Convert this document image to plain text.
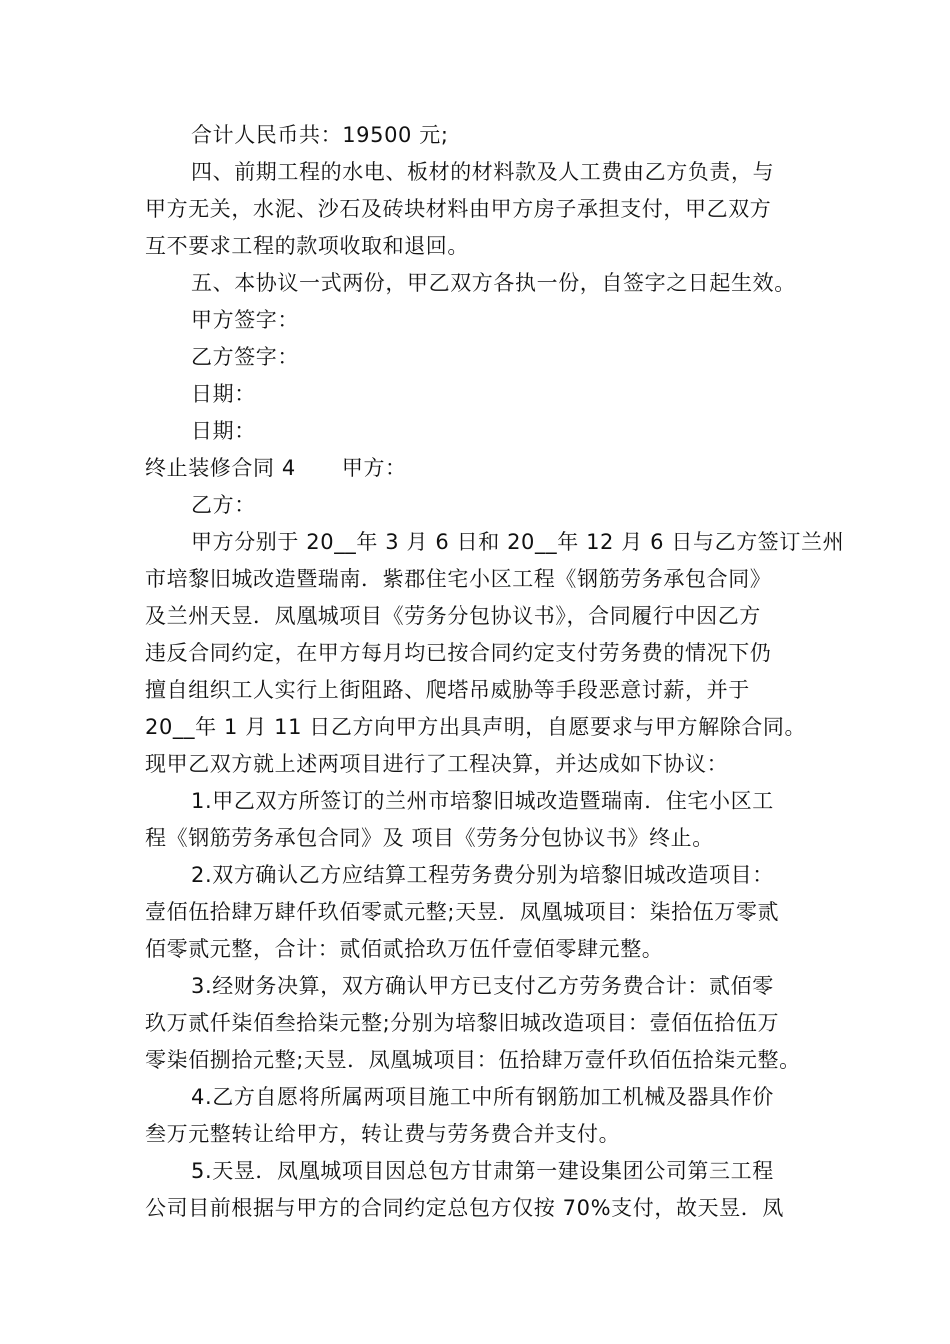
合计人民币共：19500 元;
四、前期工程的水电、板材的材料款及人工费由乙方负责，与
甲方无关，水泥、沙石及砖块材料由甲方房子承担支付，甲乙双方
互不要求工程的款项收取和退回。
五、本协议一式两份，甲乙双方各执一份，自签字之日起生效。
甲方签字：
乙方签字：
日期：
日期：
终止装修合同 4 甲方：
乙方：
甲方分别于 20__年 3 月 6 日和 20__年 12 月 6 日与乙方签订兰州
市培黎旧城改造暨瑞南．紫郡住宅小区工程《钢筋劳务承包合同》
及兰州天昱．凤凰城项目《劳务分包协议书》，合同履行中因乙方
违反合同约定，在甲方每月均已按合同约定支付劳务费的情况下仍
擅自组织工人实行上街阻路、爬塔吊威胁等手段恶意讨薪，并于
20__年 1 月 11 日乙方向甲方出具声明，自愿要求与甲方解除合同。
现甲乙双方就上述两项目进行了工程决算，并达成如下协议：
1.甲乙双方所签订的兰州市培黎旧城改造暨瑞南．住宅小区工
程《钢筋劳务承包合同》及 项目《劳务分包协议书》终止。
2.双方确认乙方应结算工程劳务费分别为培黎旧城改造项目：
壹佰伍拾肆万肆仟玖佰零贰元整;天昱．凤凰城项目：柒拾伍万零贰
佰零贰元整，合计：贰佰贰拾玖万伍仟壹佰零肆元整。
3.经财务决算，双方确认甲方已支付乙方劳务费合计：贰佰零
玖万贰仟柒佰叁拾柒元整;分别为培黎旧城改造项目：壹佰伍拾伍万
零柒佰捌拾元整;天昱．凤凰城项目：伍拾肆万壹仟玖佰伍拾柒元整。
4.乙方自愿将所属两项目施工中所有钢筋加工机械及器具作价
叁万元整转让给甲方，转让费与劳务费合并支付。
5.天昱．凤凰城项目因总包方甘肃第一建设集团公司第三工程
公司目前根据与甲方的合同约定总包方仅按 70%支付，故天昱．凤
